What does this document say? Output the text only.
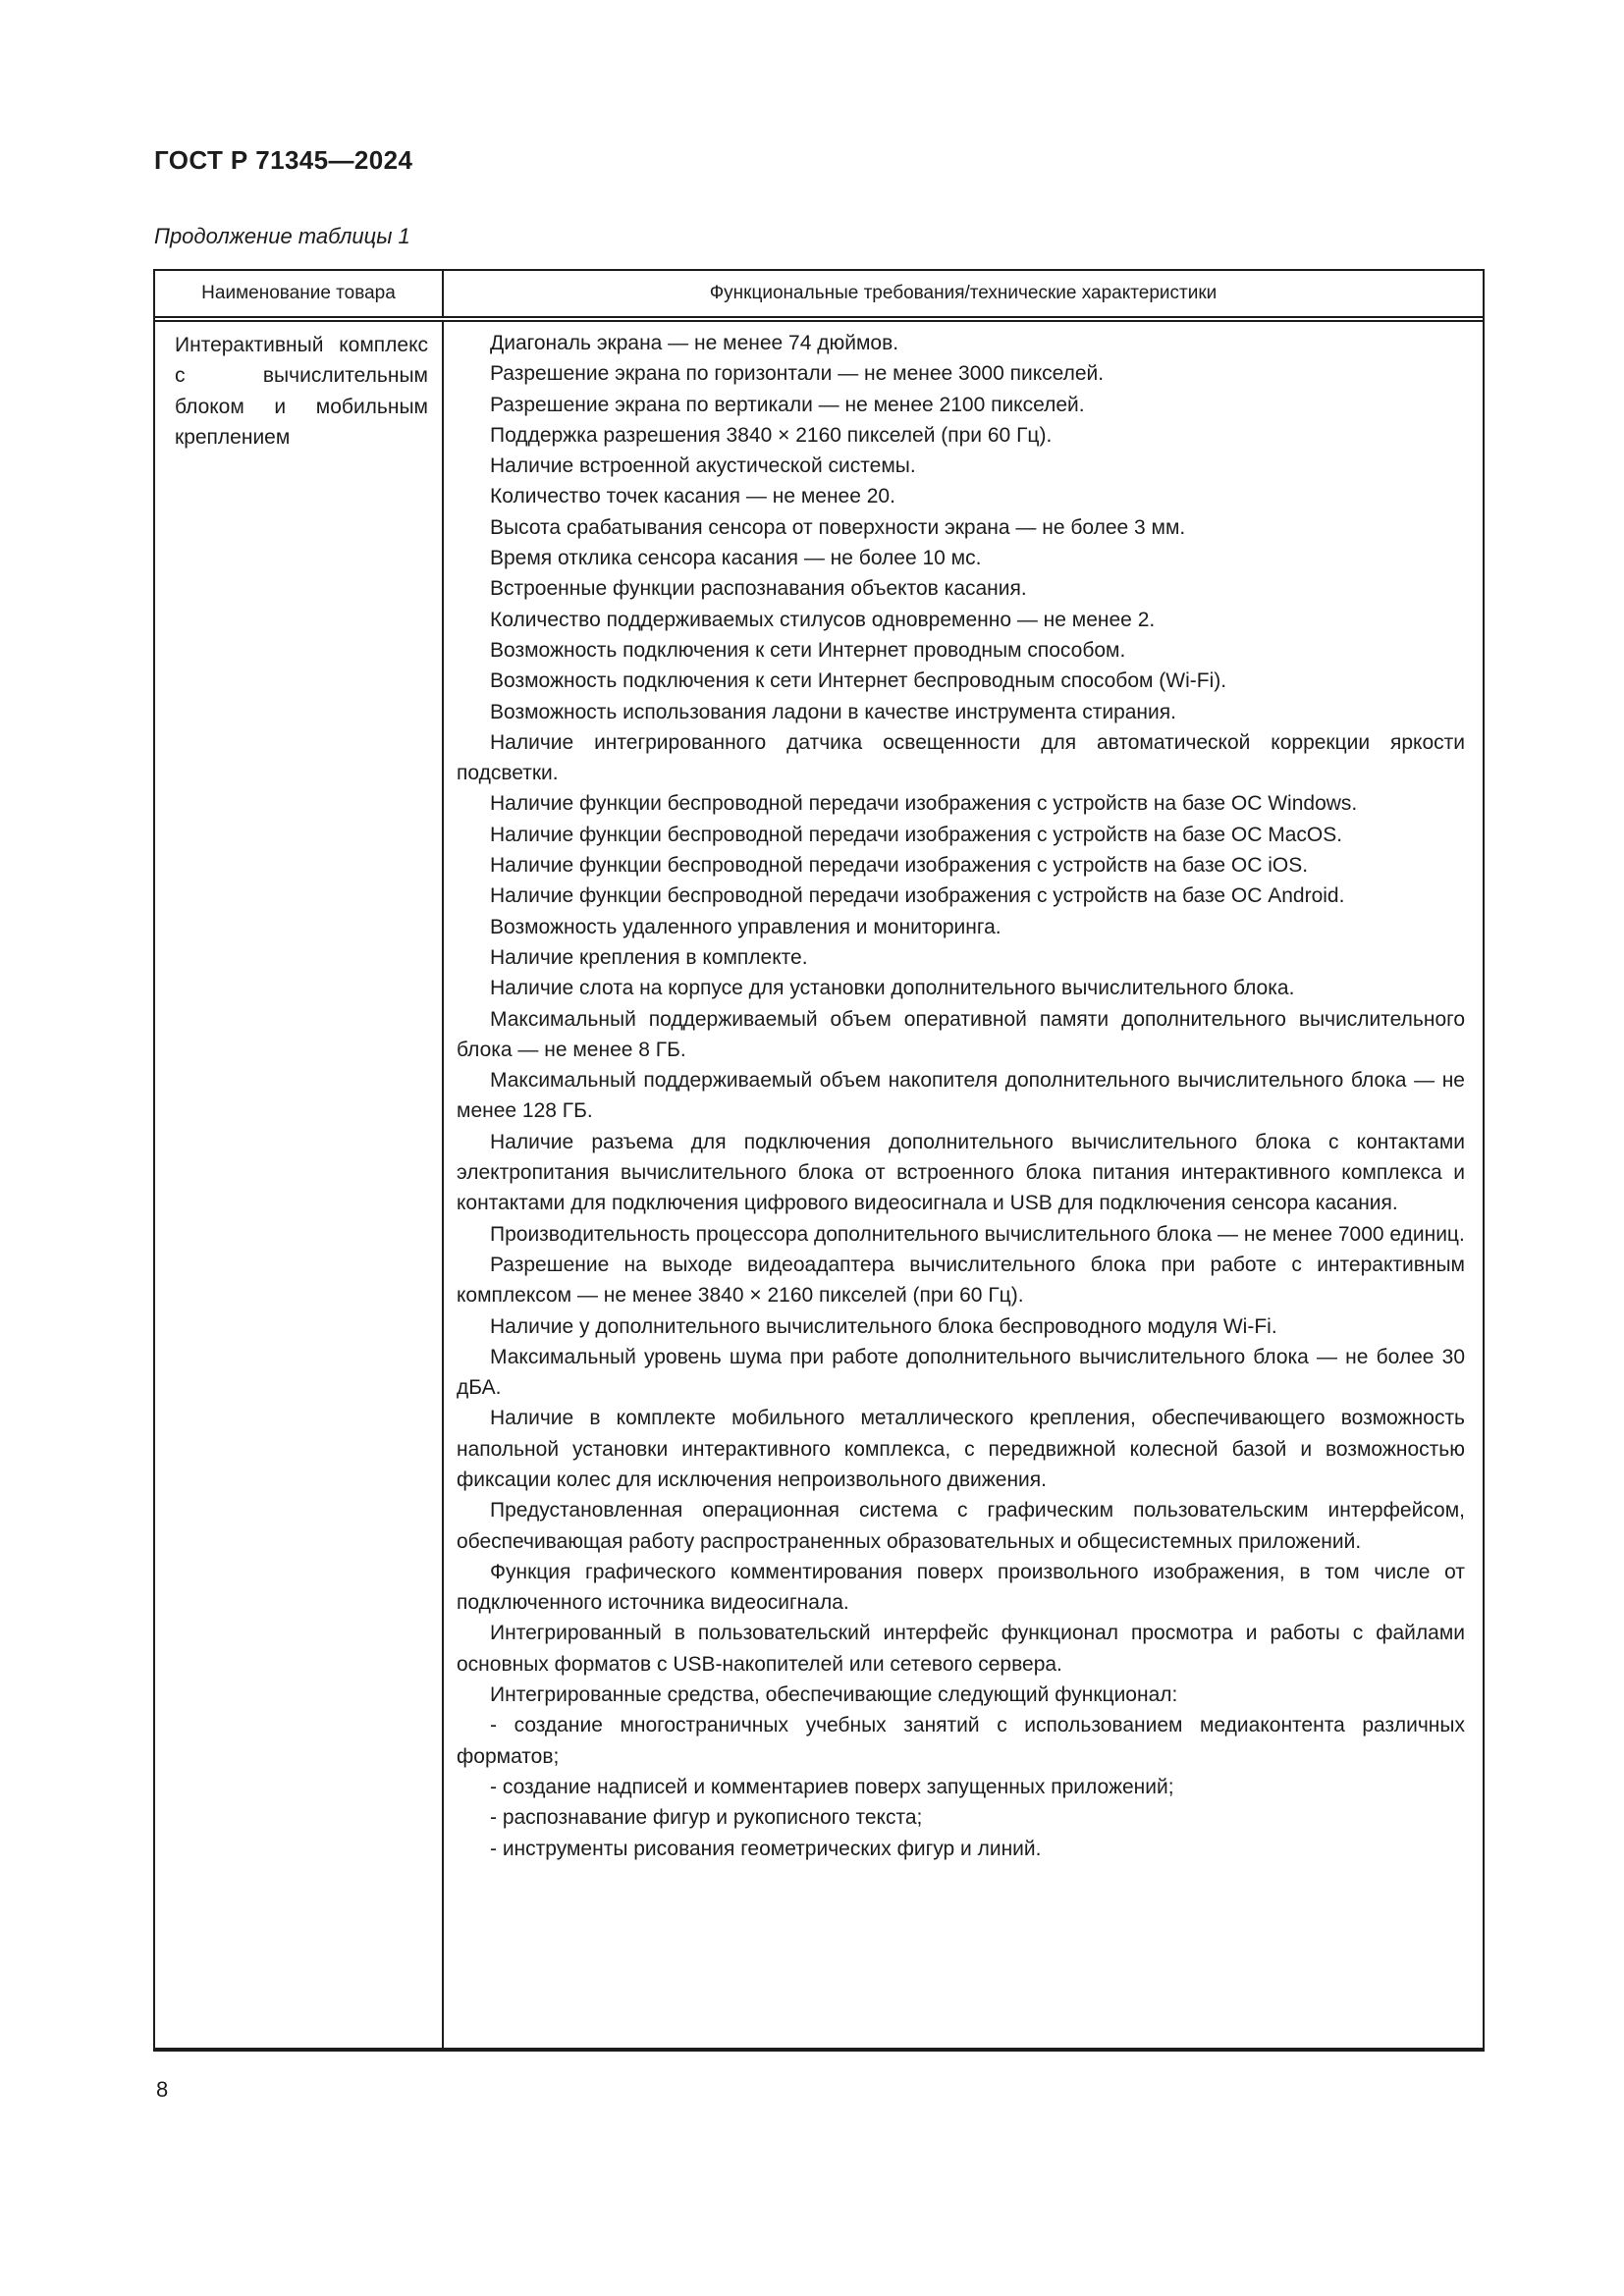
ГОСТ Р 71345—2024
Продолжение таблицы 1
Наименование товара	Функциональные требования/технические характеристики
Интерактивный комплекс с вычислительным блоком и мобильным креплением

Диагональ экрана — не менее 74 дюймов.

Разрешение экрана по горизонтали — не менее 3000 пикселей.

Разрешение экрана по вертикали — не менее 2100 пикселей.

Поддержка разрешения 3840 × 2160 пикселей (при 60 Гц).

Наличие встроенной акустической системы.

Количество точек касания — не менее 20.

Высота срабатывания сенсора от поверхности экрана — не более 3 мм.

Время отклика сенсора касания — не более 10 мс.

Встроенные функции распознавания объектов касания.

Количество поддерживаемых стилусов одновременно — не менее 2.

Возможность подключения к сети Интернет проводным способом.

Возможность подключения к сети Интернет беспроводным способом (Wi-Fi).

Возможность использования ладони в качестве инструмента стирания.

Наличие интегрированного датчика освещенности для автоматической коррекции яркости подсветки.

Наличие функции беспроводной передачи изображения с устройств на базе ОС Windows.

Наличие функции беспроводной передачи изображения с устройств на базе ОС MacOS.

Наличие функции беспроводной передачи изображения с устройств на базе ОС iOS.

Наличие функции беспроводной передачи изображения с устройств на базе ОС Android.

Возможность удаленного управления и мониторинга.

Наличие крепления в комплекте.

Наличие слота на корпусе для установки дополнительного вычислительного блока.

Максимальный поддерживаемый объем оперативной памяти дополнительного вычислительного блока — не менее 8 ГБ.

Максимальный поддерживаемый объем накопителя дополнительного вычислительного блока — не менее 128 ГБ.

Наличие разъема для подключения дополнительного вычислительного блока с контактами электропитания вычислительного блока от встроенного блока питания интерактивного комплекса и контактами для подключения цифрового видеосигнала и USB для подключения сенсора касания.

Производительность процессора дополнительного вычислительного блока — не менее 7000 единиц.

Разрешение на выходе видеоадаптера вычислительного блока при работе с интерактивным комплексом — не менее 3840 × 2160 пикселей (при 60 Гц).

Наличие у дополнительного вычислительного блока беспроводного модуля Wi-Fi.

Максимальный уровень шума при работе дополнительного вычислительного блока — не более 30 дБА.

Наличие в комплекте мобильного металлического крепления, обеспечивающего возможность напольной установки интерактивного комплекса, с передвижной колесной базой и возможностью фиксации колес для исключения непроизвольного движения.

Предустановленная операционная система с графическим пользовательским интерфейсом, обеспечивающая работу распространенных образовательных и общесистемных приложений.

Функция графического комментирования поверх произвольного изображения, в том числе от подключенного источника видеосигнала.

Интегрированный в пользовательский интерфейс функционал просмотра и работы с файлами основных форматов с USB-накопителей или сетевого сервера.

Интегрированные средства, обеспечивающие следующий функционал:

- создание многостраничных учебных занятий с использованием медиаконтента различных форматов;

- создание надписей и комментариев поверх запущенных приложений;

- распознавание фигур и рукописного текста;

- инструменты рисования геометрических фигур и линий.

8
